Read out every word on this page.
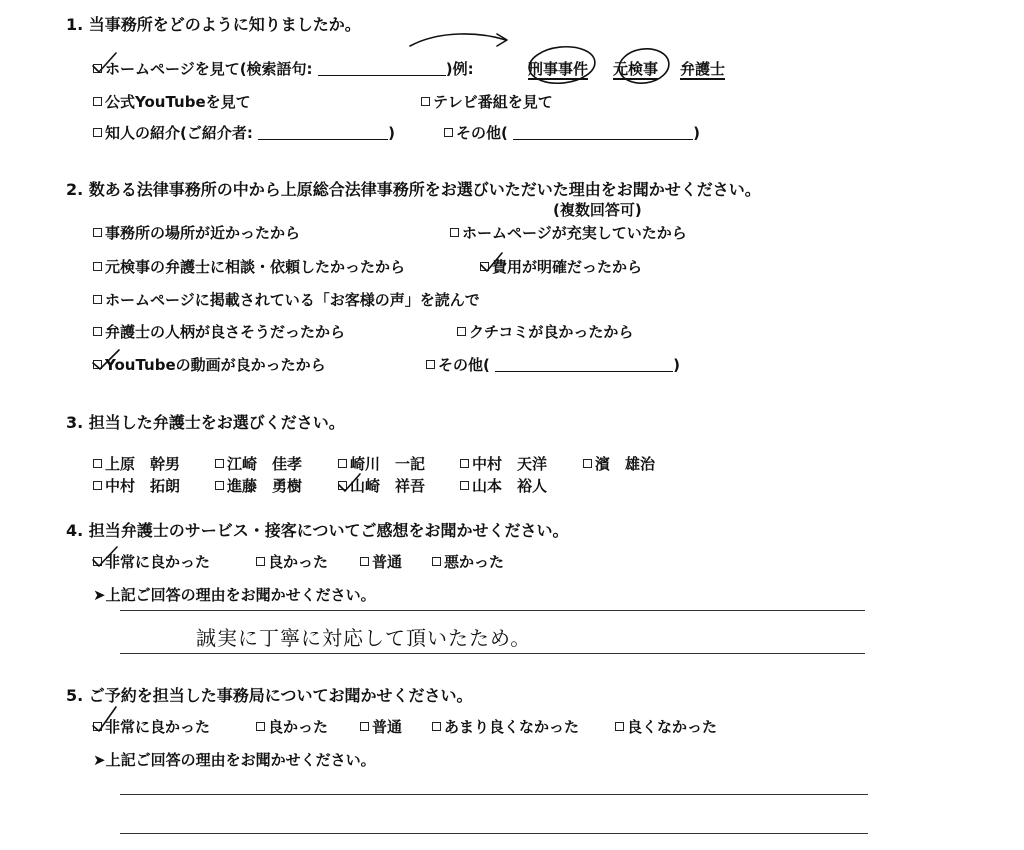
1. 当事務所をどのように知りましたか。
ホームページを見て(検索語句:	)例:	刑事事件 元検事 弁護士
公式YouTubeを見て	テレビ番組を見て
知人の紹介(ご紹介者:	)	その他(	)
2. 数ある法律事務所の中から上原総合法律事務所をお選びいただいた理由をお聞かせください。
(複数回答可)
事務所の場所が近かったから	ホームページが充実していたから
元検事の弁護士に相談・依頼したかったから	費用が明確だったから
ホームページに掲載されている「お客様の声」を読んで
弁護士の人柄が良さそうだったから	クチコミが良かったから
YouTubeの動画が良かったから	その他(	)
3. 担当した弁護士をお選びください。
上原　幹男	江崎　佳孝	崎川　一記	中村　天洋	濱　雄治
中村　拓朗	進藤　勇樹	山崎　祥吾	山本　裕人
4. 担当弁護士のサービス・接客についてご感想をお聞かせください。
非常に良かった	良かった	普通	悪かった
➤上記ご回答の理由をお聞かせください。
誠実に丁寧に対応して頂いたため。
5. ご予約を担当した事務局についてお聞かせください。
非常に良かった	良かった	普通	あまり良くなかった	良くなかった
➤上記ご回答の理由をお聞かせください。
